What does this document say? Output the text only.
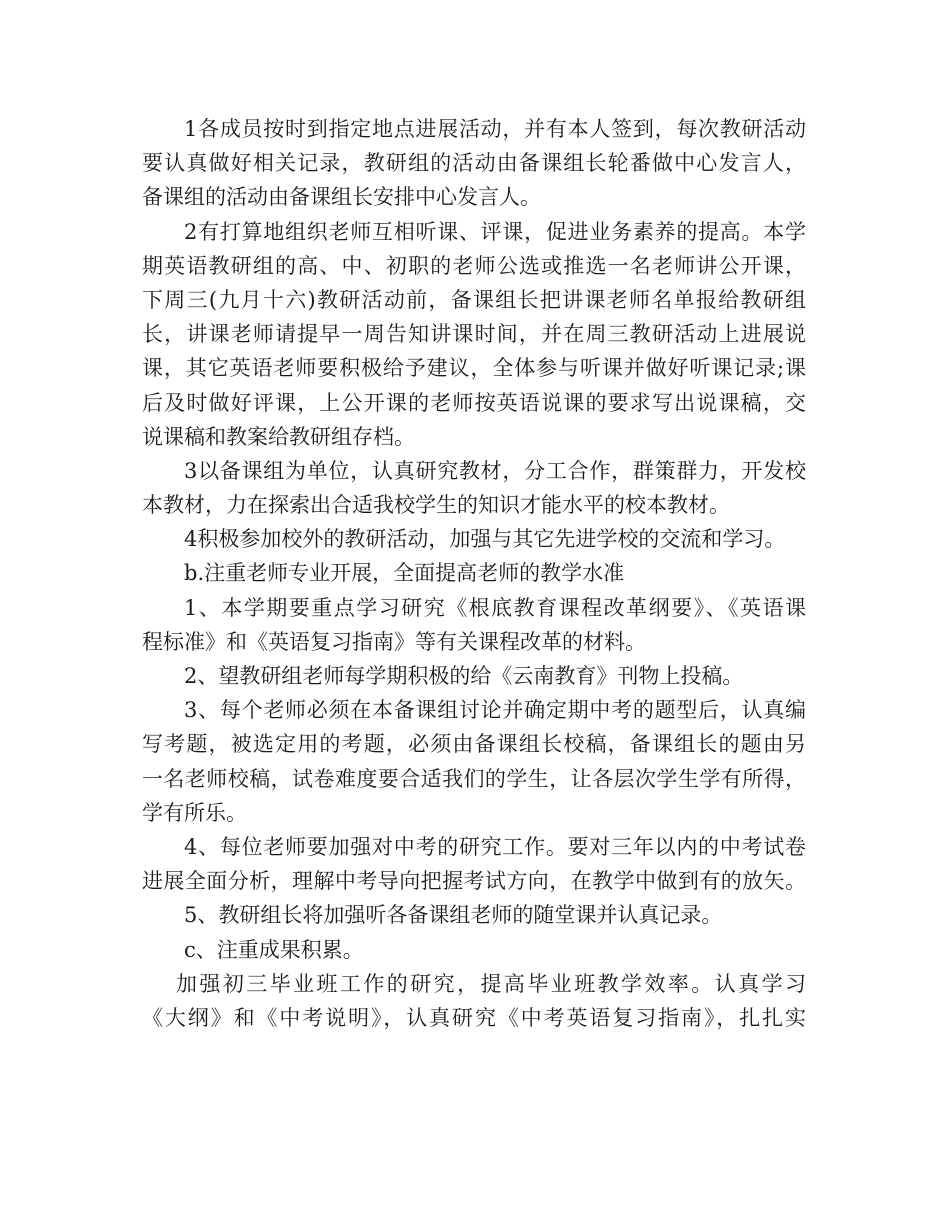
1各成员按时到指定地点进展活动，并有本人签到，每次教研活动

要认真做好相关记录，教研组的活动由备课组长轮番做中心发言人，

备课组的活动由备课组长安排中心发言人。

2有打算地组织老师互相听课、评课，促进业务素养的提高。本学

期英语教研组的高、中、初职的老师公选或推选一名老师讲公开课，

下周三(九月十六)教研活动前，备课组长把讲课老师名单报给教研组

长，讲课老师请提早一周告知讲课时间，并在周三教研活动上进展说

课，其它英语老师要积极给予建议，全体参与听课并做好听课记录;课

后及时做好评课，上公开课的老师按英语说课的要求写出说课稿，交

说课稿和教案给教研组存档。

3以备课组为单位，认真研究教材，分工合作，群策群力，开发校

本教材，力在探索出合适我校学生的知识才能水平的校本教材。

4积极参加校外的教研活动，加强与其它先进学校的交流和学习。

b.注重老师专业开展，全面提高老师的教学水准

1、本学期要重点学习研究《根底教育课程改革纲要》、《英语课

程标准》和《英语复习指南》等有关课程改革的材料。

2、望教研组老师每学期积极的给《云南教育》刊物上投稿。

3、每个老师必须在本备课组讨论并确定期中考的题型后，认真编

写考题，被选定用的考题，必须由备课组长校稿，备课组长的题由另

一名老师校稿，试卷难度要合适我们的学生，让各层次学生学有所得，

学有所乐。

4、每位老师要加强对中考的研究工作。要对三年以内的中考试卷

进展全面分析，理解中考导向把握考试方向，在教学中做到有的放矢。

5、教研组长将加强听各备课组老师的随堂课并认真记录。

c、注重成果积累。

加强初三毕业班工作的研究，提高毕业班教学效率。认真学习

《大纲》和《中考说明》，认真研究《中考英语复习指南》，扎扎实
